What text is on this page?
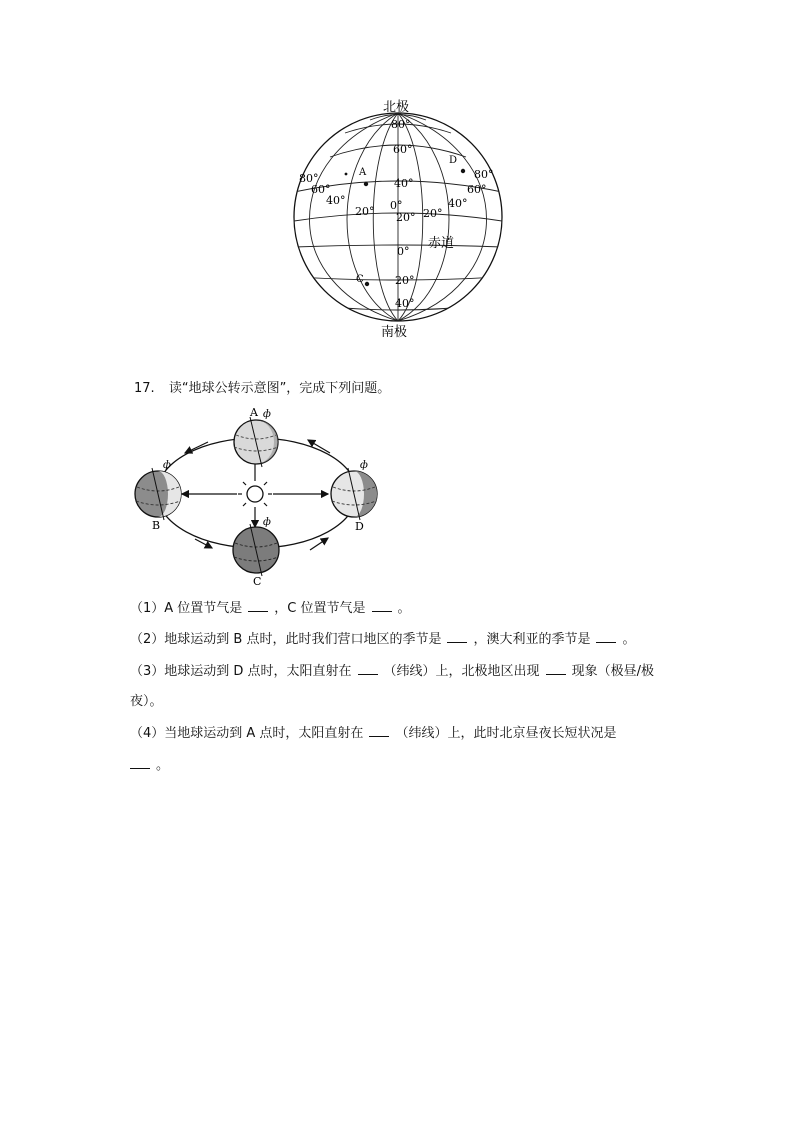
北极
南极
赤道
A
D
C
80°
60°
40°
0°
20° 20° 20°
80°
60°
40°
80°
60°
40°
0°
20°
40°
17. 读“地球公转示意图”，完成下列问题。
A
B
C
D
ф
ф
ф
ф
（1）A 位置节气是 ，C 位置节气是 。
（2）地球运动到 B 点时，此时我们营口地区的季节是 ，澳大利亚的季节是 。
（3）地球运动到 D 点时，太阳直射在 （纬线）上，北极地区出现 现象（极昼/极
夜）。
（4）当地球运动到 A 点时，太阳直射在 （纬线）上，此时北京昼夜长短状况是
。
